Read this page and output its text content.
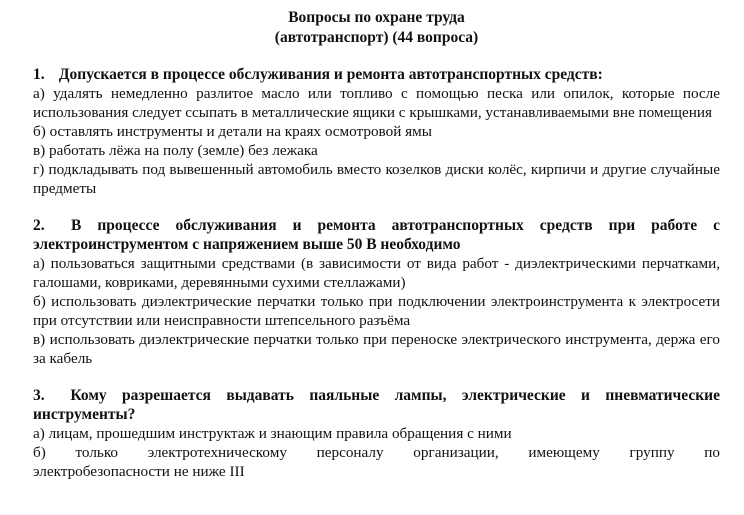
Вопросы по охране труда

(автотранспорт) (44 вопроса)

1. Допускается в процессе обслуживания и ремонта автотранспортных средств:

а) удалять немедленно разлитое масло или топливо с помощью песка или опилок, которые после использования следует ссыпать в металлические ящики с крышками, устанавливаемыми вне помещения

б) оставлять инструменты и детали на краях осмотровой ямы

в) работать лёжа на полу (земле) без лежака

г) подкладывать под вывешенный автомобиль вместо козелков диски колёс, кирпичи и другие случайные предметы

2. В процессе обслуживания и ремонта автотранспортных средств при работе с электроинструментом с напряжением выше 50 В необходимо

а) пользоваться защитными средствами (в зависимости от вида работ - диэлектрическими перчатками, галошами, ковриками, деревянными сухими стеллажами)

б) использовать диэлектрические перчатки только при подключении электроинструмента к электросети при отсутствии или неисправности штепсельного разъёма

в) использовать диэлектрические перчатки только при переноске электрического инструмента, держа его за кабель

3. Кому разрешается выдавать паяльные лампы, электрические и пневматические инструменты?

а) лицам, прошедшим инструктаж и знающим правила обращения с ними

б) только электротехническому персоналу организации, имеющему группу по

электробезопасности не ниже III
